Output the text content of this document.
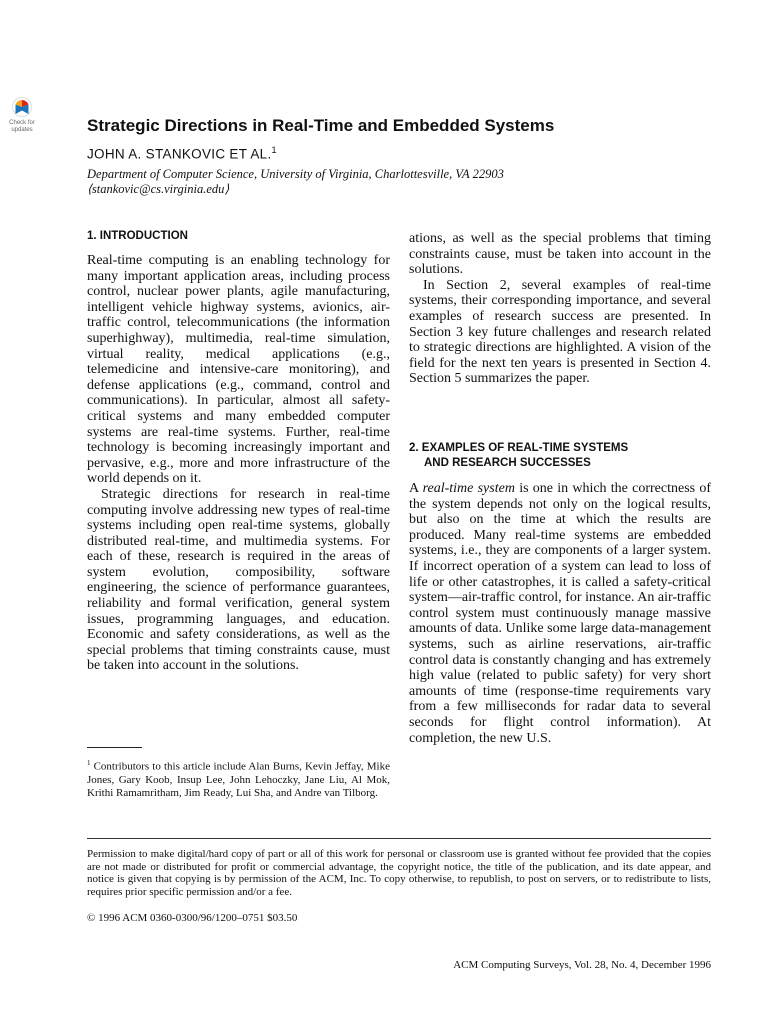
Check for updates	Strategic Directions in Real-Time and Embedded Systems
JOHN A. STANKOVIC ET AL.$^1$
Department of Computer Science, University of Virginia, Charlottesville, VA 22903
⟨stankovic@cs.virginia.edu⟩
1. INTRODUCTION

Real-time computing is an enabling technology for many important application areas, including process control, nuclear power plants, agile manufacturing, intelligent vehicle highway systems, avionics, air-traffic control, telecommunications (the information superhighway), multimedia, real-time simulation, virtual reality, medical applications (e.g., telemedicine and intensive-care monitoring), and defense applications (e.g., command, control and communications). In particular, almost all safety-critical systems and many embedded computer systems are real-time systems. Further, real-time technology is becoming increasingly important and pervasive, e.g., more and more infrastructure of the world depends on it.

Strategic directions for research in real-time computing involve addressing new types of real-time systems including open real-time systems, globally distributed real-time, and multimedia systems. For each of these, research is required in the areas of system evolution, composibility, software engineering, the science of performance guarantees, reliability and formal verification, general system issues, programming languages, and education. Economic and safety considerations, as well as the special problems that timing constraints cause, must be taken into account in the solutions.

ations, as well as the special problems that timing constraints cause, must be taken into account in the solutions.

In Section 2, several examples of real-time systems, their corresponding importance, and several examples of research success are presented. In Section 3 key future challenges and research related to strategic directions are highlighted. A vision of the field for the next ten years is presented in Section 4. Section 5 summarizes the paper.

2. EXAMPLES OF REAL-TIME SYSTEMS
AND RESEARCH SUCCESSES

A real-time system is one in which the correctness of the system depends not only on the logical results, but also on the time at which the results are produced. Many real-time systems are embedded systems, i.e., they are components of a larger system. If incorrect operation of a system can lead to loss of life or other catastrophes, it is called a safety-critical system—air-traffic control, for instance. An air-traffic control system must continuously manage massive amounts of data. Unlike some large data-management systems, such as airline reservations, air-traffic control data is constantly changing and has extremely high value (related to public safety) for very short amounts of time (response-time requirements vary from a few milliseconds for radar data to several seconds for flight control information). At completion, the new U.S.

$^1$ Contributors to this article include Alan Burns, Kevin Jeffay, Mike Jones, Gary Koob, Insup Lee, John Lehoczky, Jane Liu, Al Mok, Krithi Ramamritham, Jim Ready, Lui Sha, and Andre van Tilborg.
Permission to make digital/hard copy of part or all of this work for personal or classroom use is granted without fee provided that the copies are not made or distributed for profit or commercial advantage, the copyright notice, the title of the publication, and its date appear, and notice is given that copying is by permission of the ACM, Inc. To copy otherwise, to republish, to post on servers, or to redistribute to lists, requires prior specific permission and/or a fee.
© 1996 ACM 0360-0300/96/1200–0751 $03.50
ACM Computing Surveys, Vol. 28, No. 4, December 1996
